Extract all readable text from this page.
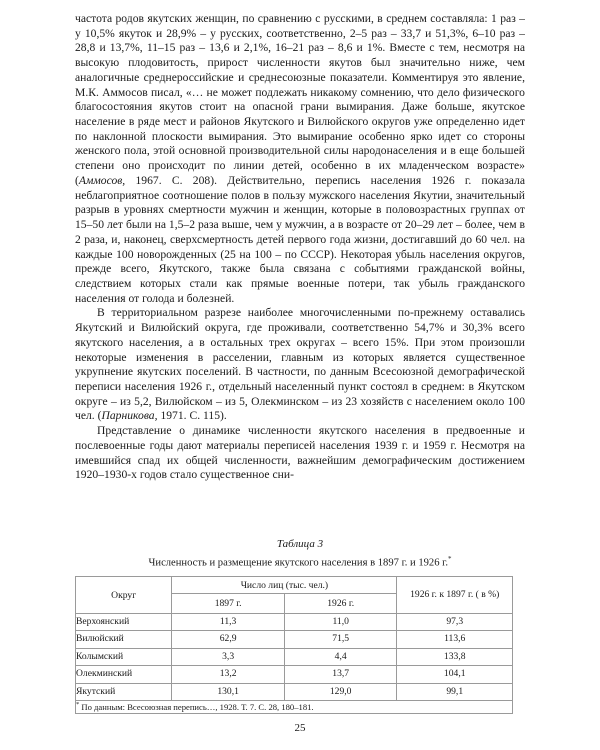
частота родов якутских женщин, по сравнению с русскими, в среднем составляла: 1 раз – у 10,5% якуток и 28,9% – у русских, соответственно, 2–5 раз – 33,7 и 51,3%, 6–10 раз – 28,8 и 13,7%, 11–15 раз – 13,6 и 2,1%, 16–21 раз – 8,6 и 1%. Вместе с тем, несмотря на высокую плодовитость, прирост численности якутов был значительно ниже, чем аналогичные среднероссийские и среднесоюзные показатели. Комментируя это явление, М.К. Аммосов писал, «… не может подлежать никакому сомнению, что дело физического благосостояния якутов стоит на опасной грани вымирания. Даже больше, якутское население в ряде мест и районов Якутского и Вилюйского округов уже определенно идет по наклонной плоскости вымирания. Это вымирание особенно ярко идет со стороны женского пола, этой основной производительной силы народонаселения и в еще большей степени оно происходит по линии детей, особенно в их младенческом возрасте» (Аммосов, 1967. С. 208). Действительно, перепись населения 1926 г. показала неблагоприятное соотношение полов в пользу мужского населения Якутии, значительный разрыв в уровнях смертности мужчин и женщин, которые в половозрастных группах от 15–50 лет были на 1,5–2 раза выше, чем у мужчин, а в возрасте от 20–29 лет – более, чем в 2 раза, и, наконец, сверхсмертность детей первого года жизни, достигавший до 60 чел. на каждые 100 новорожденных (25 на 100 – по СССР). Некоторая убыль населения округов, прежде всего, Якутского, также была связана с событиями гражданской войны, следствием которых стали как прямые военные потери, так убыль гражданского населения от голода и болезней.

В территориальном разрезе наиболее многочисленными по-прежнему оставались Якутский и Вилюйский округа, где проживали, соответственно 54,7% и 30,3% всего якутского населения, а в остальных трех округах – всего 15%. При этом произошли некоторые изменения в расселении, главным из которых является существенное укрупнение якутских поселений. В частности, по данным Всесоюзной демографической переписи населения 1926 г., отдельный населенный пункт состоял в среднем: в Якутском округе – из 5,2, Вилюйском – из 5, Олекминском – из 23 хозяйств с населением около 100 чел. (Парникова, 1971. С. 115).

Представление о динамике численности якутского населения в предвоенные и послевоенные годы дают материалы переписей населения 1939 г. и 1959 г. Несмотря на имевшийся спад их общей численности, важнейшим демографическим достижением 1920–1930-х годов стало существенное сни-

Таблица 3
Численность и размещение якутского населения в 1897 г. и 1926 г.*
Округ	Число лиц (тыс. чел.)		1926 г. к 1897 г. ( в %)
	1897 г.	1926 г.	
Верхоянский	11,3	11,0	97,3
Вилюйский	62,9	71,5	113,6
Колымский	3,3	4,4	133,8
Олекминский	13,2	13,7	104,1
Якутский	130,1	129,0	99,1
* По данным: Всесоюзная перепись…, 1928. Т. 7. С. 28, 180–181.			
25
